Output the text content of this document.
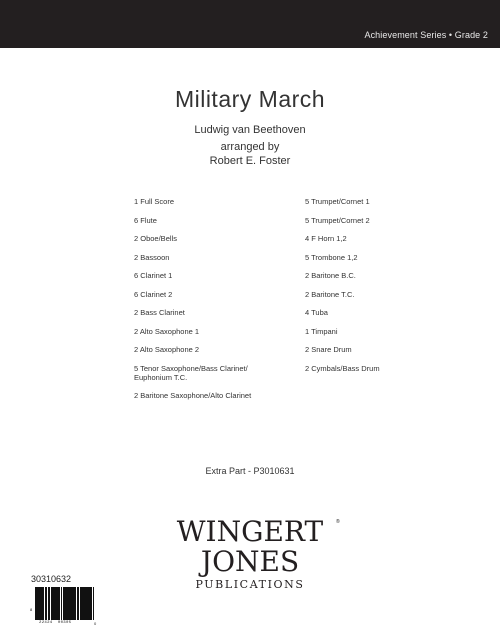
Achievement Series • Grade 2
Military March
Ludwig van Beethoven
arranged by
Robert E. Foster
1 Full Score
6 Flute
2 Oboe/Bells
2 Bassoon
6 Clarinet 1
6 Clarinet 2
2 Bass Clarinet
2 Alto Saxophone 1
2 Alto Saxophone 2
5 Tenor Saxophone/Bass Clarinet/
Euphonium T.C.
2 Baritone Saxophone/Alto Clarinet
5 Trumpet/Cornet 1
5 Trumpet/Cornet 2
4 F Horn 1,2
5 Trombone 1,2
2 Baritone B.C.
2 Baritone T.C.
4 Tuba
1 Timpani
2 Snare Drum
2 Cymbals/Bass Drum
Extra Part - P3010631
WINGERT	®
JONES
PUBLICATIONS
30310632
8
22424  00305	0
